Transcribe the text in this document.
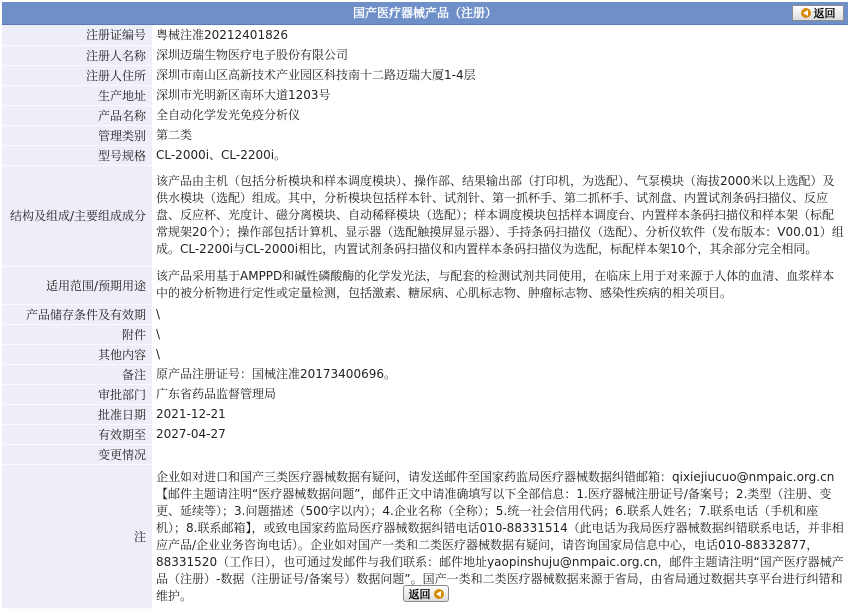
国产医疗器械产品（注册）	返回
注册证编号	粤械注准20212401826
注册人名称	深圳迈瑞生物医疗电子股份有限公司
注册人住所	深圳市南山区高新技术产业园区科技南十二路迈瑞大厦1-4层
生产地址	深圳市光明新区南环大道1203号
产品名称	全自动化学发光免疫分析仪
管理类别	第二类
型号规格	CL-2000i、CL-2200i。
结构及组成/主要组成成分	该产品由主机（包括分析模块和样本调度模块）、操作部、结果输出部（打印机，为选配）、气泵模块（海拔2000米以上选配）及供水模块（选配）组成。其中，分析模块包括样本针、试剂针、第一抓杯手、第二抓杯手、试剂盘、内置试剂条码扫描仪、反应盘、反应杯、光度计、磁分离模块、自动稀释模块（选配）；样本调度模块包括样本调度台、内置样本条码扫描仪和样本架（标配常规架20个）；操作部包括计算机、显示器（选配触摸屏显示器）、手持条码扫描仪（选配）、分析仪软件（发布版本：V00.01）组成。CL-2200i与CL-2000i相比，内置试剂条码扫描仪和内置样本条码扫描仪为选配，标配样本架10个，其余部分完全相同。
适用范围/预期用途	该产品采用基于AMPPD和碱性磷酸酶的化学发光法，与配套的检测试剂共同使用，在临床上用于对来源于人体的血清、血浆样本中的被分析物进行定性或定量检测，包括激素、糖尿病、心肌标志物、肿瘤标志物、感染性疾病的相关项目。
产品储存条件及有效期	\
附件	\
其他内容	\
备注	原产品注册证号：国械注准20173400696。
审批部门	广东省药品监督管理局
批准日期	2021-12-21
有效期至	2027-04-27
变更情况	
注	企业如对进口和国产三类医疗器械数据有疑问，请发送邮件至国家药监局医疗器械数据纠错邮箱：qixiejiucuo@nmpaic.org.cn【邮件主题请注明“医疗器械数据问题”，邮件正文中请准确填写以下全部信息：1.医疗器械注册证号/备案号；2.类型（注册、变更、延续等）；3.问题描述（500字以内）；4.企业名称（全称）；5.统一社会信用代码；6.联系人姓名；7.联系电话（手机和座机）；8.联系邮箱】，或致电国家药监局医疗器械数据纠错电话010-88331514（此电话为我局医疗器械数据纠错联系电话，并非相应产品/企业业务咨询电话）。企业如对国产一类和二类医疗器械数据有疑问，请咨询国家局信息中心，电话010-88332877，88331520（工作日），也可通过发邮件与我们联系：邮件地址yaopinshuju@nmpaic.org.cn，邮件主题请注明“国产医疗器械产品（注册）-数据（注册证号/备案号）数据问题”。国产一类和二类医疗器械数据来源于省局，由省局通过数据共享平台进行纠错和维护。	返回
